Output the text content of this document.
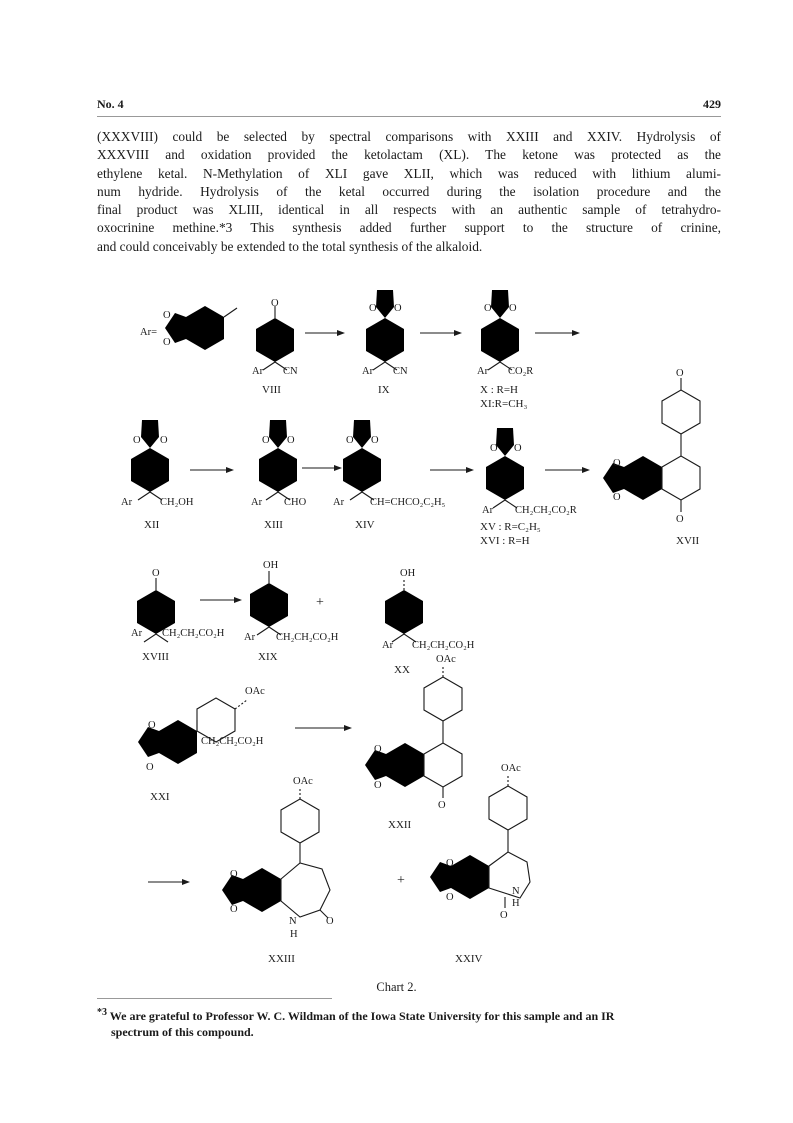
No. 4	429
(XXXVIII) could be selected by spectral comparisons with XXIII and XXIV. Hydrolysis of
XXXVIII and oxidation provided the ketolactam (XL). The ketone was protected as the
ethylene ketal. N-Methylation of XLI gave XLII, which was reduced with lithium alumi-
num hydride. Hydrolysis of the ketal occurred during the isolation procedure and the
final product was XLIII, identical in all respects with an authentic sample of tetrahydro-
oxocrinine methine.*3 This synthesis added further support to the structure of crinine,
and could conceivably be extended to the total synthesis of the alkaloid.
Ar=
O
O
O
Ar CN
VIII
O O
Ar CN
IX
O O
Ar CO₂R
X : R=H
XI:R=CH₃
O O
Ar	CH₂OH
XII
O O
Ar CHO
XIII
O O
Ar CH=CHCO₂C₂H₅
XIV
O O
Ar CH₂CH₂CO₂R
XV : R=C₂H₅
XVI : R=H
O
O
O
O
XVII
O
Ar CH₂CH₂CO₂H
XVIII
OH
Ar CH₂CH₂CO₂H
XIX
+
OH
Ar CH₂CH₂CO₂H
XX
OAc
O
O
CH₂CH₂CO₂H
XXI
OAc
O
O
O
XXII
OAc
O
O
N
H
O
XXIII
+
OAc
O
O
N
H
O
XXIV
Chart 2.
$^{*3}$ We are grateful to Professor W. C. Wildman of the Iowa State University for this sample and an IR
spectrum of this compound.
